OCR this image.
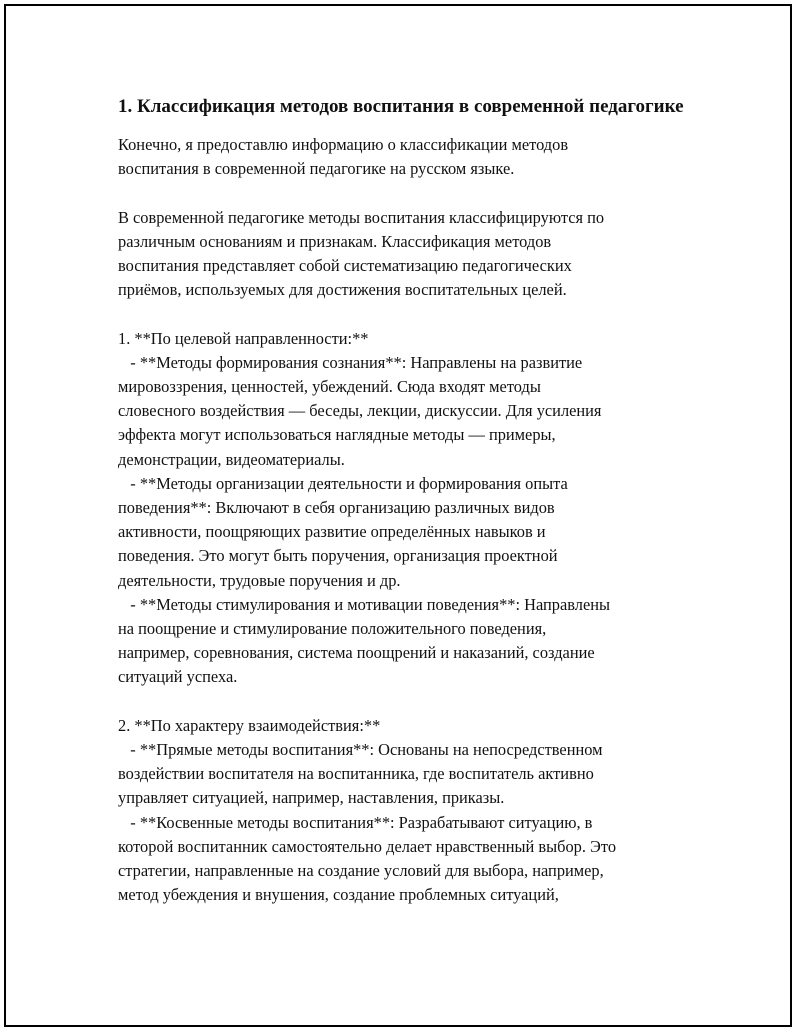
1. Классификация методов воспитания в современной педагогике

Конечно, я предоставлю информацию о классификации методов
воспитания в современной педагогике на русском языке.

В современной педагогике методы воспитания классифицируются по
различным основаниям и признакам. Классификация методов
воспитания представляет собой систематизацию педагогических
приёмов, используемых для достижения воспитательных целей.

1. **По целевой направленности:**
- **Методы формирования сознания**: Направлены на развитие
мировоззрения, ценностей, убеждений. Сюда входят методы
словесного воздействия — беседы, лекции, дискуссии. Для усиления
эффекта могут использоваться наглядные методы — примеры,
демонстрации, видеоматериалы.
- **Методы организации деятельности и формирования опыта
поведения**: Включают в себя организацию различных видов
активности, поощряющих развитие определённых навыков и
поведения. Это могут быть поручения, организация проектной
деятельности, трудовые поручения и др.
- **Методы стимулирования и мотивации поведения**: Направлены
на поощрение и стимулирование положительного поведения,
например, соревнования, система поощрений и наказаний, создание
ситуаций успеха.

2. **По характеру взаимодействия:**
- **Прямые методы воспитания**: Основаны на непосредственном
воздействии воспитателя на воспитанника, где воспитатель активно
управляет ситуацией, например, наставления, приказы.
- **Косвенные методы воспитания**: Разрабатывают ситуацию, в
которой воспитанник самостоятельно делает нравственный выбор. Это
стратегии, направленные на создание условий для выбора, например,
метод убеждения и внушения, создание проблемных ситуаций,
